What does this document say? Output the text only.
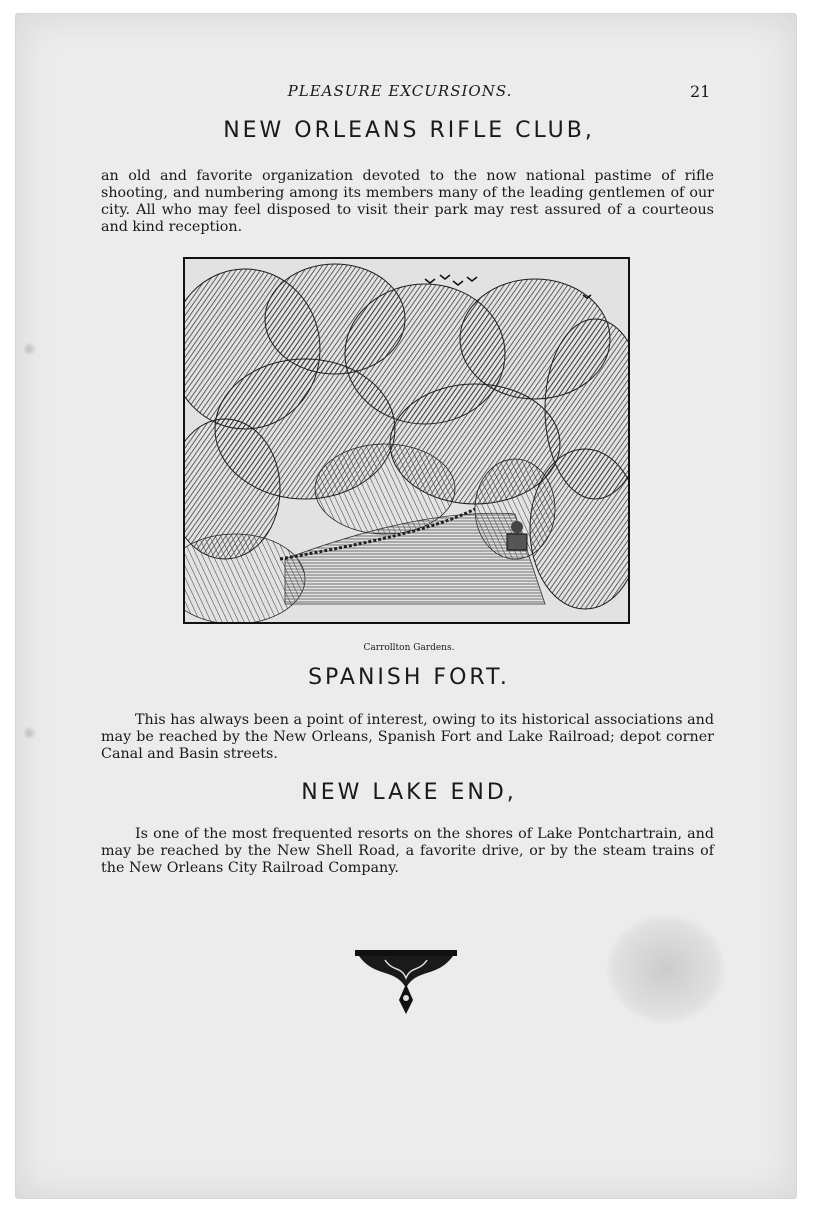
PLEASURE EXCURSIONS.	21
NEW ORLEANS RIFLE CLUB,
an old and favorite organization devoted to the now national pastime of rifle shooting, and numbering among its members many of the leading gentlemen of our city. All who may feel disposed to visit their park may rest assured of a courteous and kind reception.
Carrollton Gardens.
SPANISH FORT.
This has always been a point of interest, owing to its historical associations and may be reached by the New Orleans, Spanish Fort and Lake Railroad; depot corner Canal and Basin streets.
NEW LAKE END,
Is one of the most frequented resorts on the shores of Lake Pontchartrain, and may be reached by the New Shell Road, a favorite drive, or by the steam trains of the New Orleans City Railroad Company.
